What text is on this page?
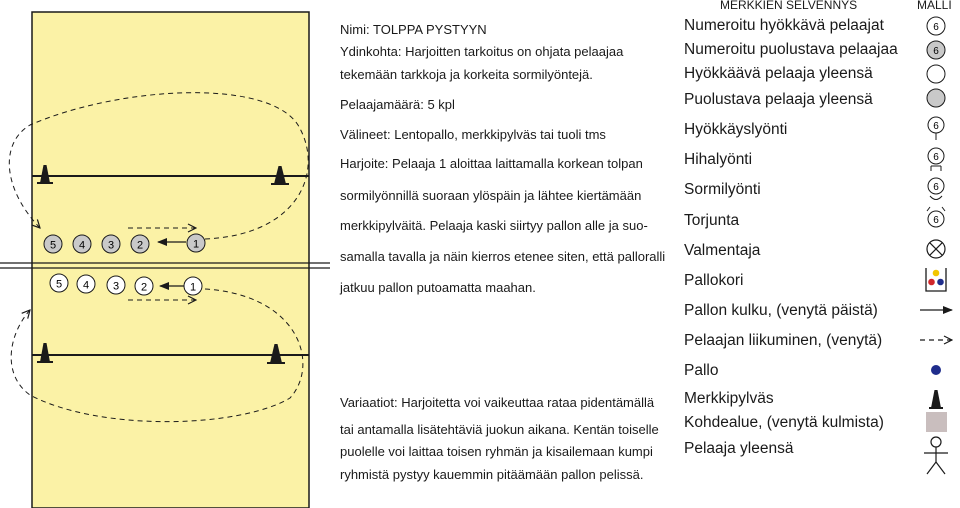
5 4 3 2	1
5 4 3 2	1
Nimi: TOLPPA PYSTYYN
Ydinkohta: Harjoitten tarkoitus on ohjata pelaajaa
tekemään tarkkoja ja korkeita sormilyöntejä.
Pelaajamäärä: 5 kpl
Välineet: Lentopallo, merkkipylväs tai tuoli tms
Harjoite: Pelaaja 1 aloittaa laittamalla korkean tolpan
sormilyönnillä suoraan ylöspäin ja lähtee kiertämään
merkkipylväitä. Pelaaja kaski siirtyy pallon alle ja suo-
samalla tavalla ja näin kierros etenee siten, että palloralli
jatkuu pallon putoamatta maahan.
Variaatiot: Harjoitetta voi vaikeuttaa rataa pidentämällä
tai antamalla lisätehtäviä juokun aikana. Kentän toiselle
puolelle voi laittaa toisen ryhmän ja kisailemaan kumpi
ryhmistä pystyy kauemmin pitäämään pallon pelissä.
MERKKIEN SELVENNYS	MALLI
Numeroitu hyökkävä pelaajat
Numeroitu puolustava pelaajaa
Hyökkäävä pelaaja yleensä
Puolustava pelaaja yleensä
Hyökkäyslyönti
Hihalyönti
Sormilyönti
Torjunta
Valmentaja
Pallokori
Pallon kulku, (venytä päistä)
Pelaajan liikuminen, (venytä)
Pallo
Merkkipylväs
Kohdealue, (venytä kulmista)
Pelaaja yleensä
6
6
6
6
6
6
